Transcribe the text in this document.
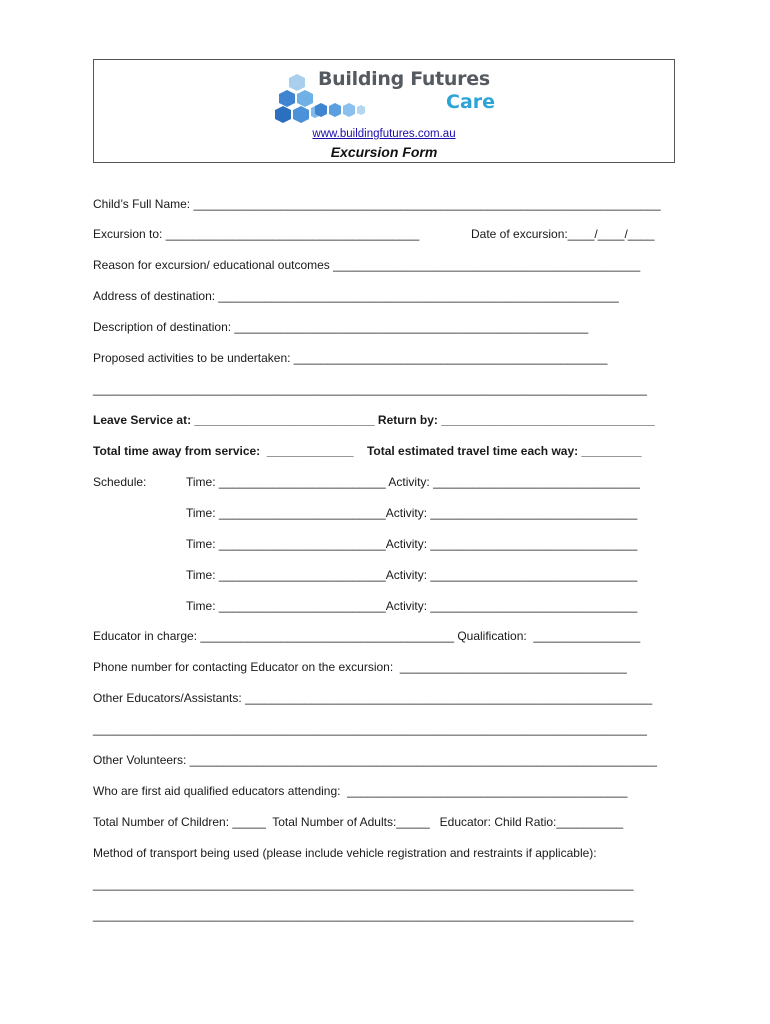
Building Futures
Care
www.buildingfutures.com.au
Excursion Form
Child’s Full Name: ______________________________________________________________________
Excursion to: ______________________________________	Date of excursion:____/____/____
Reason for excursion/ educational outcomes ______________________________________________
Address of destination: ____________________________________________________________
Description of destination: _____________________________________________________
Proposed activities to be undertaken: _______________________________________________
___________________________________________________________________________________
Leave Service at: ___________________________ Return by: ________________________________
Total time away from service:  _____________    Total estimated travel time each way: _________
Schedule:	Time: _________________________ Activity: _______________________________
Time: _________________________Activity: _______________________________
Time: _________________________Activity: _______________________________
Time: _________________________Activity: _______________________________
Time: _________________________Activity: _______________________________
Educator in charge: ______________________________________ Qualification:  ________________
Phone number for contacting Educator on the excursion:  __________________________________
Other Educators/Assistants: _____________________________________________________________
___________________________________________________________________________________
Other Volunteers: ______________________________________________________________________
Who are first aid qualified educators attending:  __________________________________________
Total Number of Children: _____  Total Number of Adults:_____   Educator: Child Ratio:__________
Method of transport being used (please include vehicle registration and restraints if applicable):
_________________________________________________________________________________
_________________________________________________________________________________
